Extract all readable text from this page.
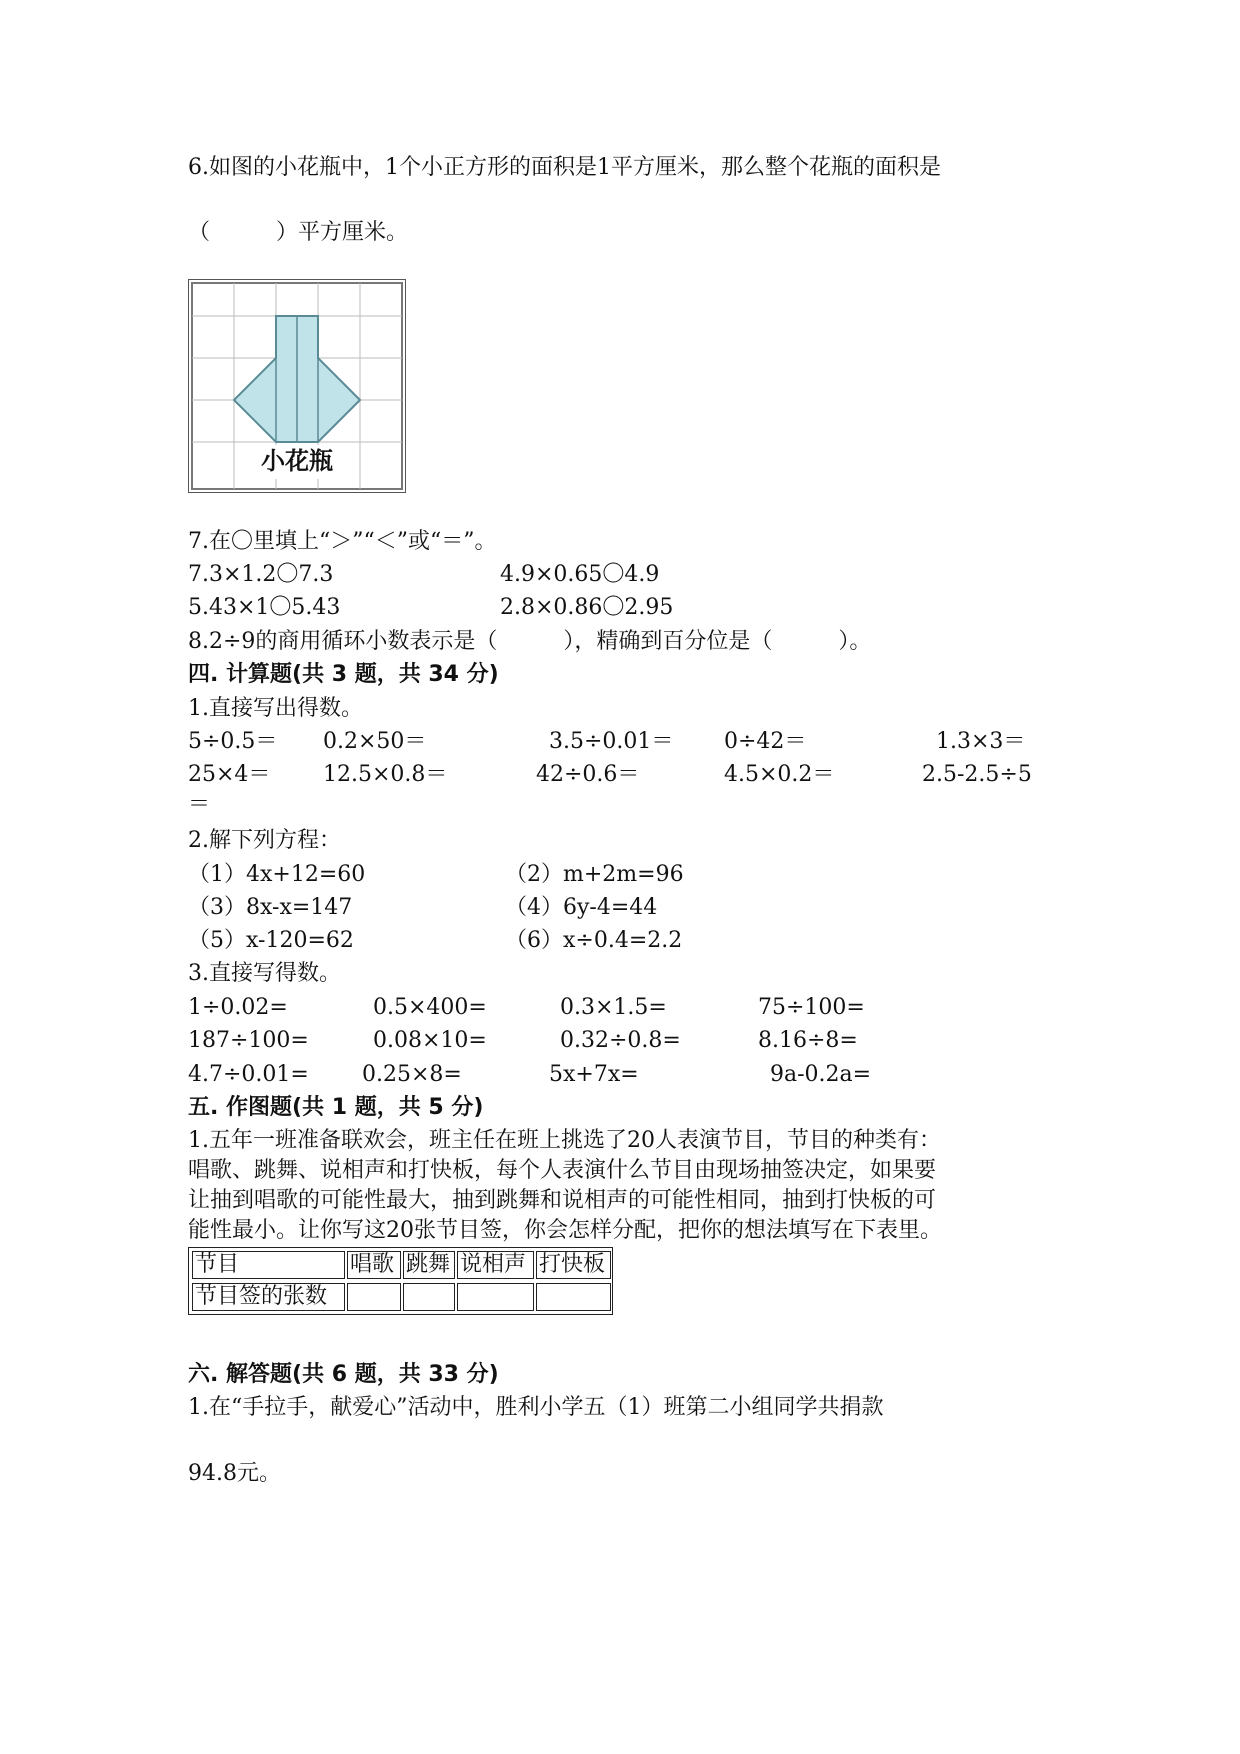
6.如图的小花瓶中，1个小正方形的面积是1平方厘米，那么整个花瓶的面积是
（　　　）平方厘米。
小花瓶
7.在〇里填上“＞”“＜”或“＝”。
7.3×1.2〇7.3	4.9×0.65〇4.9
5.43×1〇5.43	2.8×0.86〇2.95
8.2÷9的商用循环小数表示是（　　　），精确到百分位是（　　　）。
四. 计算题(共 3 题，共 34 分)
1.直接写出得数。
5÷0.5＝ 0.2×50＝	3.5÷0.01＝ 0÷42＝	1.3×3＝
25×4＝ 12.5×0.8＝	42÷0.6＝	4.5×0.2＝	2.5-2.5÷5
＝
2.解下列方程：
（1）4x+12=60	（2）m+2m=96
（3）8x-x=147	（4）6y-4=44
（5）x-120=62	（6）x÷0.4=2.2
3.直接写得数。
1÷0.02=	0.5×400=	0.3×1.5=	75÷100=
187÷100=	0.08×10=	0.32÷0.8=	8.16÷8=
4.7÷0.01= 0.25×8=	5x+7x=	9a-0.2a=
五. 作图题(共 1 题，共 5 分)
1.五年一班准备联欢会，班主任在班上挑选了20人表演节目，节目的种类有：
唱歌、跳舞、说相声和打快板，每个人表演什么节目由现场抽签决定，如果要
让抽到唱歌的可能性最大，抽到跳舞和说相声的可能性相同，抽到打快板的可
能性最小。让你写这20张节目签，你会怎样分配，把你的想法填写在下表里。
节目	唱歌 跳舞 说相声 打快板
节目签的张数
六. 解答题(共 6 题，共 33 分)
1.在“手拉手，献爱心”活动中，胜利小学五（1）班第二小组同学共捐款
94.8元。
